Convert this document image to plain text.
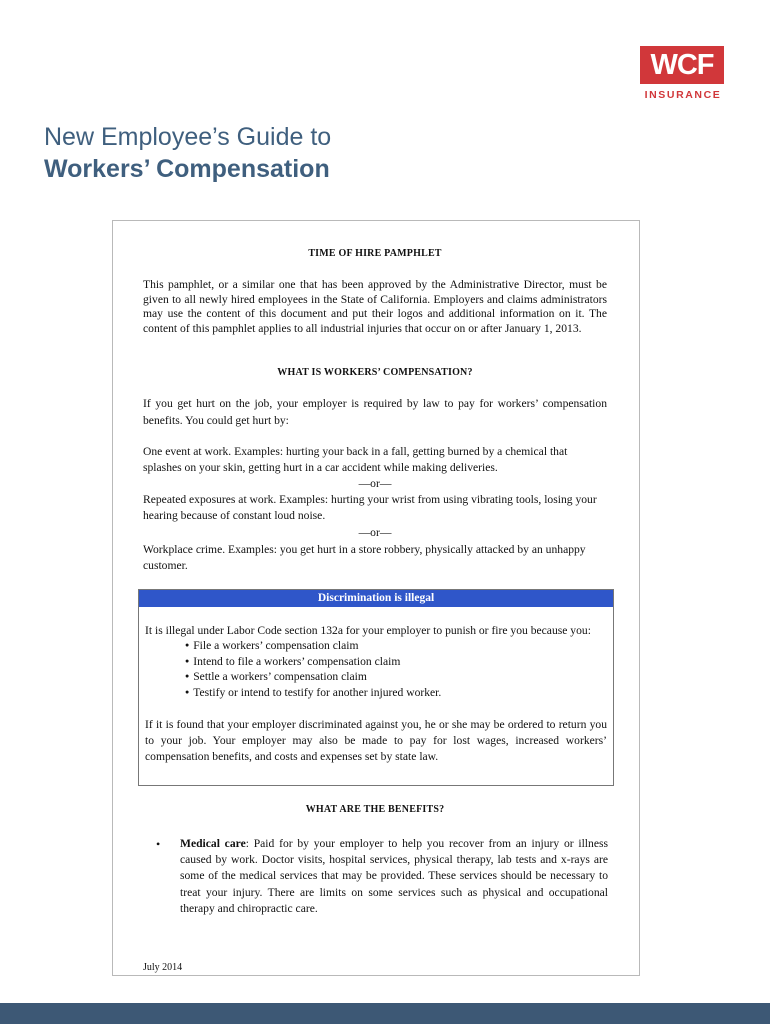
WCF
INSURANCE
New Employee’s Guide to
Workers’ Compensation
TIME OF HIRE PAMPHLET
This pamphlet, or a similar one that has been approved by the Administrative Director, must be given to all newly hired employees in the State of California. Employers and claims administrators may use the content of this document and put their logos and additional information on it. The content of this pamphlet applies to all industrial injuries that occur on or after January 1, 2013.
WHAT IS WORKERS’ COMPENSATION?
If you get hurt on the job, your employer is required by law to pay for workers’ compensation benefits. You could get hurt by:
One event at work. Examples: hurting your back in a fall, getting burned by a chemical that splashes on your skin, getting hurt in a car accident while making deliveries.
—or—
Repeated exposures at work. Examples: hurting your wrist from using vibrating tools, losing your hearing because of constant loud noise.
—or—
Workplace crime. Examples: you get hurt in a store robbery, physically attacked by an unhappy customer.
Discrimination is illegal
It is illegal under Labor Code section 132a for your employer to punish or fire you because you:
● File a workers’ compensation claim
● Intend to file a workers’ compensation claim
● Settle a workers’ compensation claim
● Testify or intend to testify for another injured worker.
If it is found that your employer discriminated against you, he or she may be ordered to return you to your job. Your employer may also be made to pay for lost wages, increased workers’ compensation benefits, and costs and expenses set by state law.
WHAT ARE THE BENEFITS?
•	Medical care: Paid for by your employer to help you recover from an injury or illness caused by work. Doctor visits, hospital services, physical therapy, lab tests and x-rays are some of the medical services that may be provided. These services should be necessary to treat your injury. There are limits on some services such as physical and occupational therapy and chiropractic care.
July 2014
